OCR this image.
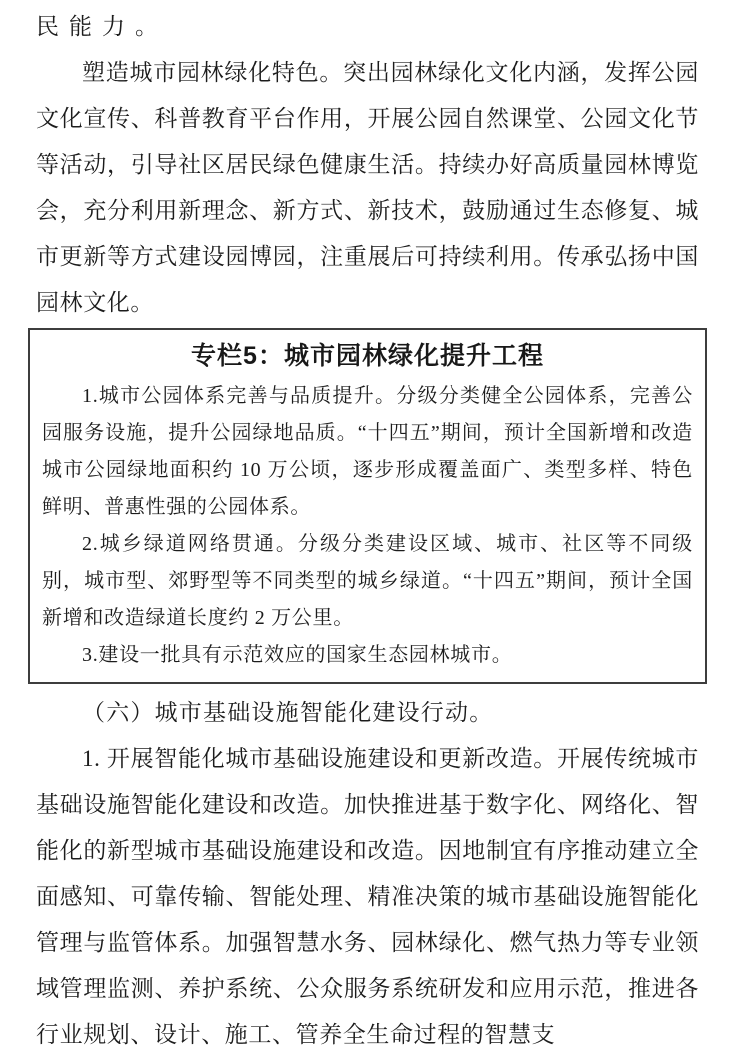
民能力。

塑造城市园林绿化特色。突出园林绿化文化内涵，发挥公园文化宣传、科普教育平台作用，开展公园自然课堂、公园文化节等活动，引导社区居民绿色健康生活。持续办好高质量园林博览会，充分利用新理念、新方式、新技术，鼓励通过生态修复、城市更新等方式建设园博园，注重展后可持续利用。传承弘扬中国园林文化。

专栏5：城市园林绿化提升工程

1.城市公园体系完善与品质提升。分级分类健全公园体系，完善公园服务设施，提升公园绿地品质。“十四五”期间，预计全国新增和改造城市公园绿地面积约 10 万公顷，逐步形成覆盖面广、类型多样、特色鲜明、普惠性强的公园体系。

2.城乡绿道网络贯通。分级分类建设区域、城市、社区等不同级别，城市型、郊野型等不同类型的城乡绿道。“十四五”期间，预计全国新增和改造绿道长度约 2 万公里。

3.建设一批具有示范效应的国家生态园林城市。

（六）城市基础设施智能化建设行动。

1. 开展智能化城市基础设施建设和更新改造。开展传统城市基础设施智能化建设和改造。加快推进基于数字化、网络化、智能化的新型城市基础设施建设和改造。因地制宜有序推动建立全面感知、可靠传输、智能处理、精准决策的城市基础设施智能化管理与监管体系。加强智慧水务、园林绿化、燃气热力等专业领域管理监测、养护系统、公众服务系统研发和应用示范，推进各行业规划、设计、施工、管养全生命过程的智慧支
